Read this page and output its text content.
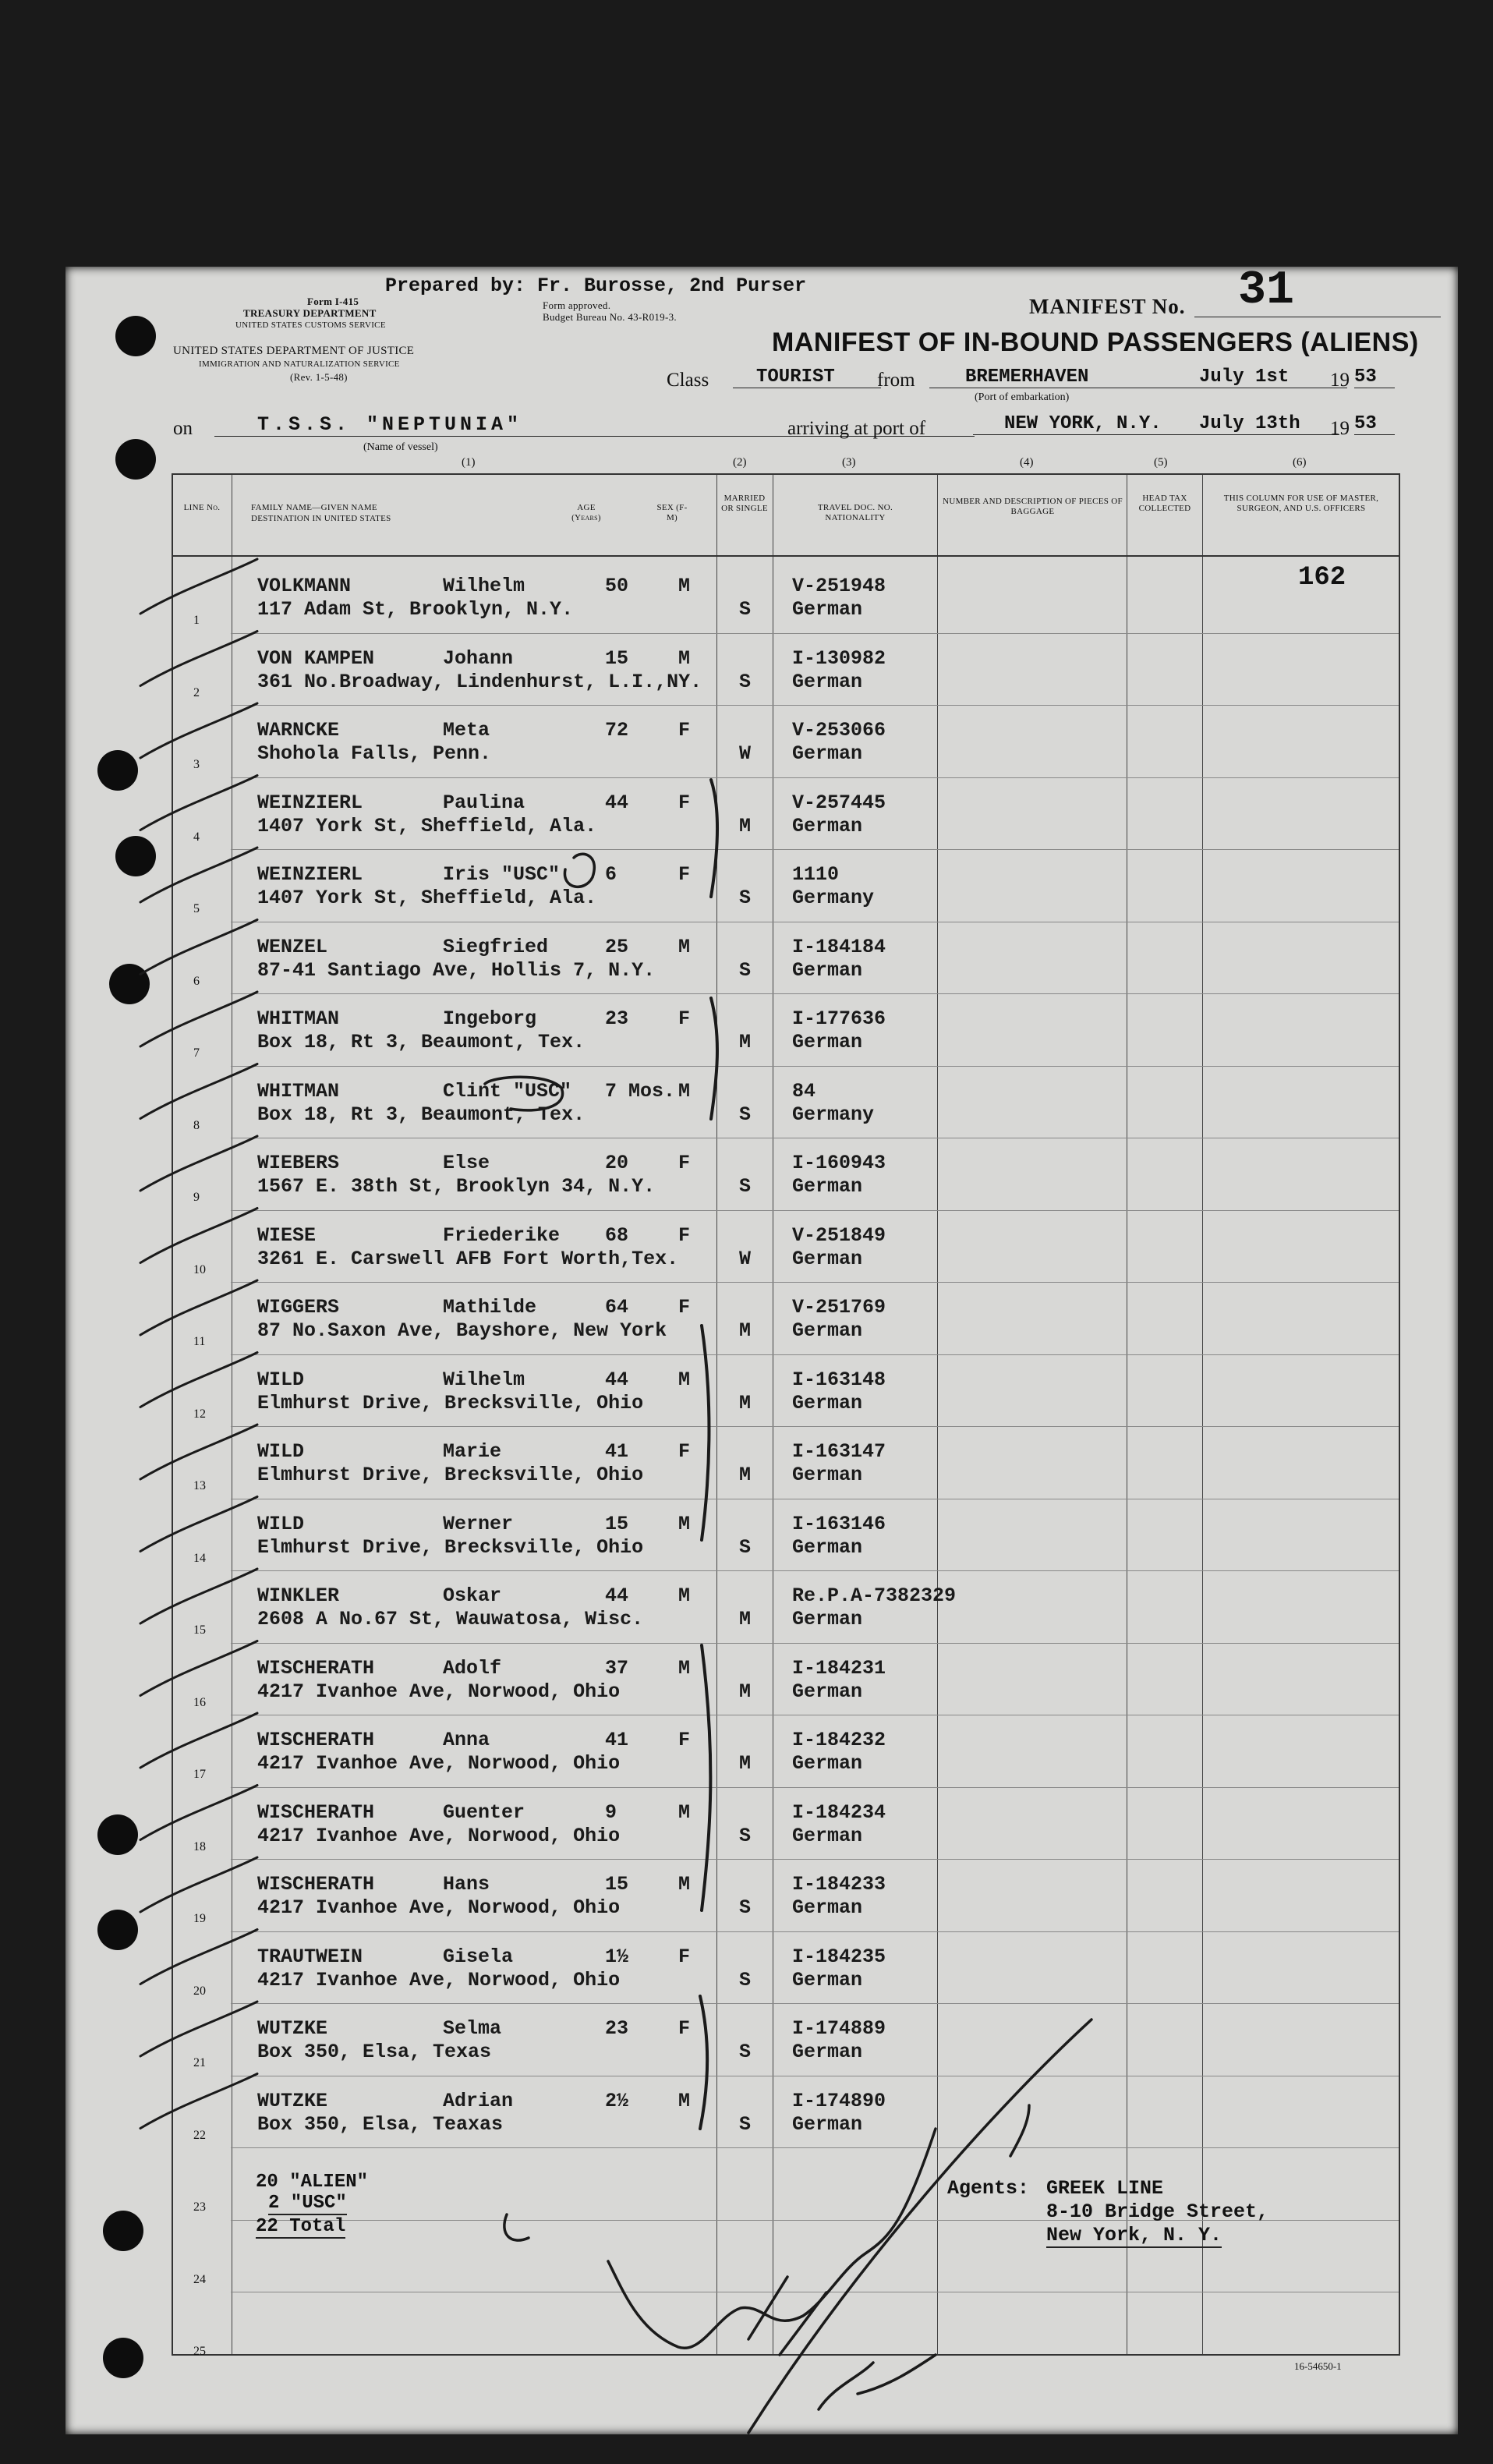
Prepared by: Fr. Burosse, 2nd Purser
Form I-415
TREASURY DEPARTMENT
UNITED STATES CUSTOMS SERVICE
Form approved.
Budget Bureau No. 43-R019-3.
UNITED STATES DEPARTMENT OF JUSTICE
IMMIGRATION AND NATURALIZATION SERVICE
(Rev. 1-5-48)
MANIFEST No.	31
MANIFEST OF IN-BOUND PASSENGERS (ALIENS)
Class	TOURIST	from	BREMERHAVEN
(Port of embarkation)
July 1st	19 53
on	T.S.S. "NEPTUNIA"
(Name of vessel)
arriving at port of	NEW YORK, N.Y.	July 13th	19 53
(1)	(2)	(3)	(4)	(5)	(6)
LINE No.	FAMILY NAME—GIVEN NAME
DESTINATION IN UNITED STATES
AGE (Years)
SEX (F-M)
MARRIED OR SINGLE	TRAVEL DOC. NO. NATIONALITY
NUMBER AND DESCRIPTION OF PIECES OF BAGGAGE
HEAD TAX COLLECTED
THIS COLUMN FOR USE OF MASTER, SURGEON, AND U.S. OFFICERS
162
VOLKMANN	Wilhelm	50	M
117 Adam St, Brooklyn, N.Y.	S
V-251948
German
1
VON KAMPEN	Johann	15	M
361 No.Broadway, Lindenhurst, L.I.,NY. S
I-130982
German
2
WARNCKE	Meta	72	F
Shohola Falls, Penn.	W
V-253066
German
3
WEINZIERL	Paulina	44	F
1407 York St, Sheffield, Ala.	M
V-257445
German
4
WEINZIERL	Iris "USC" 6	F
1407 York St, Sheffield, Ala.	S
1110
Germany
5
WENZEL	Siegfried	25	M
87-41 Santiago Ave, Hollis 7, N.Y.	S
I-184184
German
6
WHITMAN	Ingeborg	23	F
Box 18, Rt 3, Beaumont, Tex.	M
I-177636
German
7
WHITMAN	Clint "USC" 7 Mos. M
Box 18, Rt 3, Beaumont, Tex.	S
84
Germany
8
WIEBERS	Else	20	F
1567 E. 38th St, Brooklyn 34, N.Y.	S
I-160943
German
9
WIESE	Friederike 68	F
3261 E. Carswell AFB Fort Worth,Tex.	W
V-251849
German
10
WIGGERS	Mathilde	64	F
87 No.Saxon Ave, Bayshore, New York	M
V-251769
German
11
WILD	Wilhelm	44	M
Elmhurst Drive, Brecksville, Ohio	M
I-163148
German
12
WILD	Marie	41	F
Elmhurst Drive, Brecksville, Ohio	M
I-163147
German
13
WILD	Werner	15	M
Elmhurst Drive, Brecksville, Ohio	S
I-163146
German
14
WINKLER	Oskar	44	M
2608 A No.67 St, Wauwatosa, Wisc.	M
Re.P.A-7382329
German
15
WISCHERATH	Adolf	37	M
4217 Ivanhoe Ave, Norwood, Ohio	M
I-184231
German
16
WISCHERATH	Anna	41	F
4217 Ivanhoe Ave, Norwood, Ohio	M
I-184232
German
17
WISCHERATH	Guenter	9	M
4217 Ivanhoe Ave, Norwood, Ohio	S
I-184234
German
18
WISCHERATH	Hans	15	M
4217 Ivanhoe Ave, Norwood, Ohio	S
I-184233
German
19
TRAUTWEIN	Gisela	1½	F
4217 Ivanhoe Ave, Norwood, Ohio	S
I-184235
German
20
WUTZKE	Selma	23	F
Box 350, Elsa, Texas	S
I-174889
German
21
WUTZKE	Adrian	2½	M
Box 350, Elsa, Teaxas	S
I-174890
German
22
23
24
25
20 "ALIEN"
2 "USC"
22 Total
Agents: GREEK LINE
8-10 Bridge Street,
New York, N. Y.
16-54650-1
